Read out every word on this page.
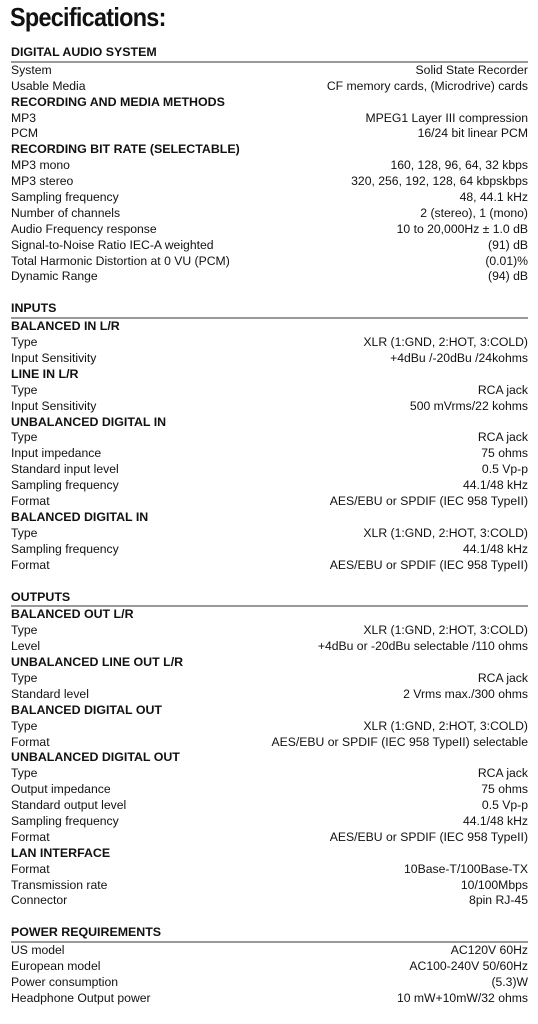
Specifications:
DIGITAL AUDIO SYSTEM
System	Solid State Recorder
Usable Media	CF memory cards, (Microdrive) cards
RECORDING AND MEDIA METHODS
MP3	MPEG1 Layer III compression
PCM	16/24 bit linear PCM
RECORDING BIT RATE (SELECTABLE)
MP3 mono	160, 128, 96, 64, 32 kbps
MP3 stereo	320, 256, 192, 128, 64 kbpskbps
Sampling frequency	48, 44.1 kHz
Number of channels	2 (stereo), 1 (mono)
Audio Frequency response	10 to 20,000Hz ± 1.0 dB
Signal-to-Noise Ratio IEC-A weighted	(91) dB
Total Harmonic Distortion at 0 VU (PCM)	(0.01)%
Dynamic Range	(94) dB
INPUTS
BALANCED IN L/R
Type	XLR (1:GND, 2:HOT, 3:COLD)
Input Sensitivity	+4dBu /-20dBu /24kohms
LINE IN L/R
Type	RCA jack
Input Sensitivity	500 mVrms/22 kohms
UNBALANCED DIGITAL IN
Type	RCA jack
Input impedance	75 ohms
Standard input level	0.5 Vp-p
Sampling frequency	44.1/48 kHz
Format	AES/EBU or SPDIF (IEC 958 TypeII)
BALANCED DIGITAL IN
Type	XLR (1:GND, 2:HOT, 3:COLD)
Sampling frequency	44.1/48 kHz
Format	AES/EBU or SPDIF (IEC 958 TypeII)
OUTPUTS
BALANCED OUT L/R
Type	XLR (1:GND, 2:HOT, 3:COLD)
Level	+4dBu or -20dBu selectable /110 ohms
UNBALANCED LINE OUT L/R
Type	RCA jack
Standard level	2 Vrms max./300 ohms
BALANCED DIGITAL OUT
Type	XLR (1:GND, 2:HOT, 3:COLD)
Format	AES/EBU or SPDIF (IEC 958 TypeII) selectable
UNBALANCED DIGITAL OUT
Type	RCA jack
Output impedance	75 ohms
Standard output level	0.5 Vp-p
Sampling frequency	44.1/48 kHz
Format	AES/EBU or SPDIF (IEC 958 TypeII)
LAN INTERFACE
Format	10Base-T/100Base-TX
Transmission rate	10/100Mbps
Connector	8pin RJ-45
POWER REQUIREMENTS
US model	AC120V 60Hz
European model	AC100-240V 50/60Hz
Power consumption	(5.3)W
Headphone Output power	10 mW+10mW/32 ohms
